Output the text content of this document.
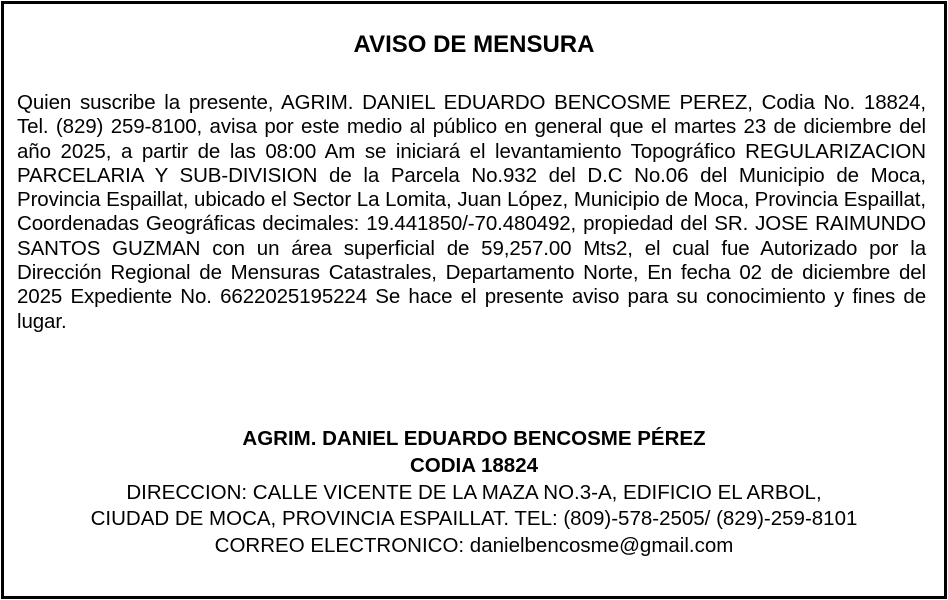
AVISO DE MENSURA

Quien suscribe la presente, AGRIM. DANIEL EDUARDO BENCOSME PEREZ, Codia No. 18824, Tel. (829) 259-8100, avisa por este medio al público en general que el martes 23 de diciembre del año 2025, a partir de las 08:00 Am se iniciará el levantamiento Topográfico REGULARIZACION PARCELARIA Y SUB-DIVISION de la Parcela No.932 del D.C No.06 del Municipio de Moca, Provincia Espaillat, ubicado el Sector La Lomita, Juan López, Municipio de Moca, Provincia Espaillat, Coordenadas Geográficas decimales: 19.441850/-70.480492, propiedad del SR. JOSE RAIMUNDO SANTOS GUZMAN con un área superficial de 59,257.00 Mts2, el cual fue Autorizado por la Dirección Regional de Mensuras Catastrales, Departamento Norte, En fecha 02 de diciembre del 2025 Expediente No. 6622025195224 Se hace el presente aviso para su conocimiento y fines de lugar.

AGRIM. DANIEL EDUARDO BENCOSME PÉREZ
CODIA 18824
DIRECCION: CALLE VICENTE DE LA MAZA NO.3-A, EDIFICIO EL ARBOL,
CIUDAD DE MOCA, PROVINCIA ESPAILLAT. TEL: (809)-578-2505/ (829)-259-8101
CORREO ELECTRONICO: danielbencosme@gmail.com
